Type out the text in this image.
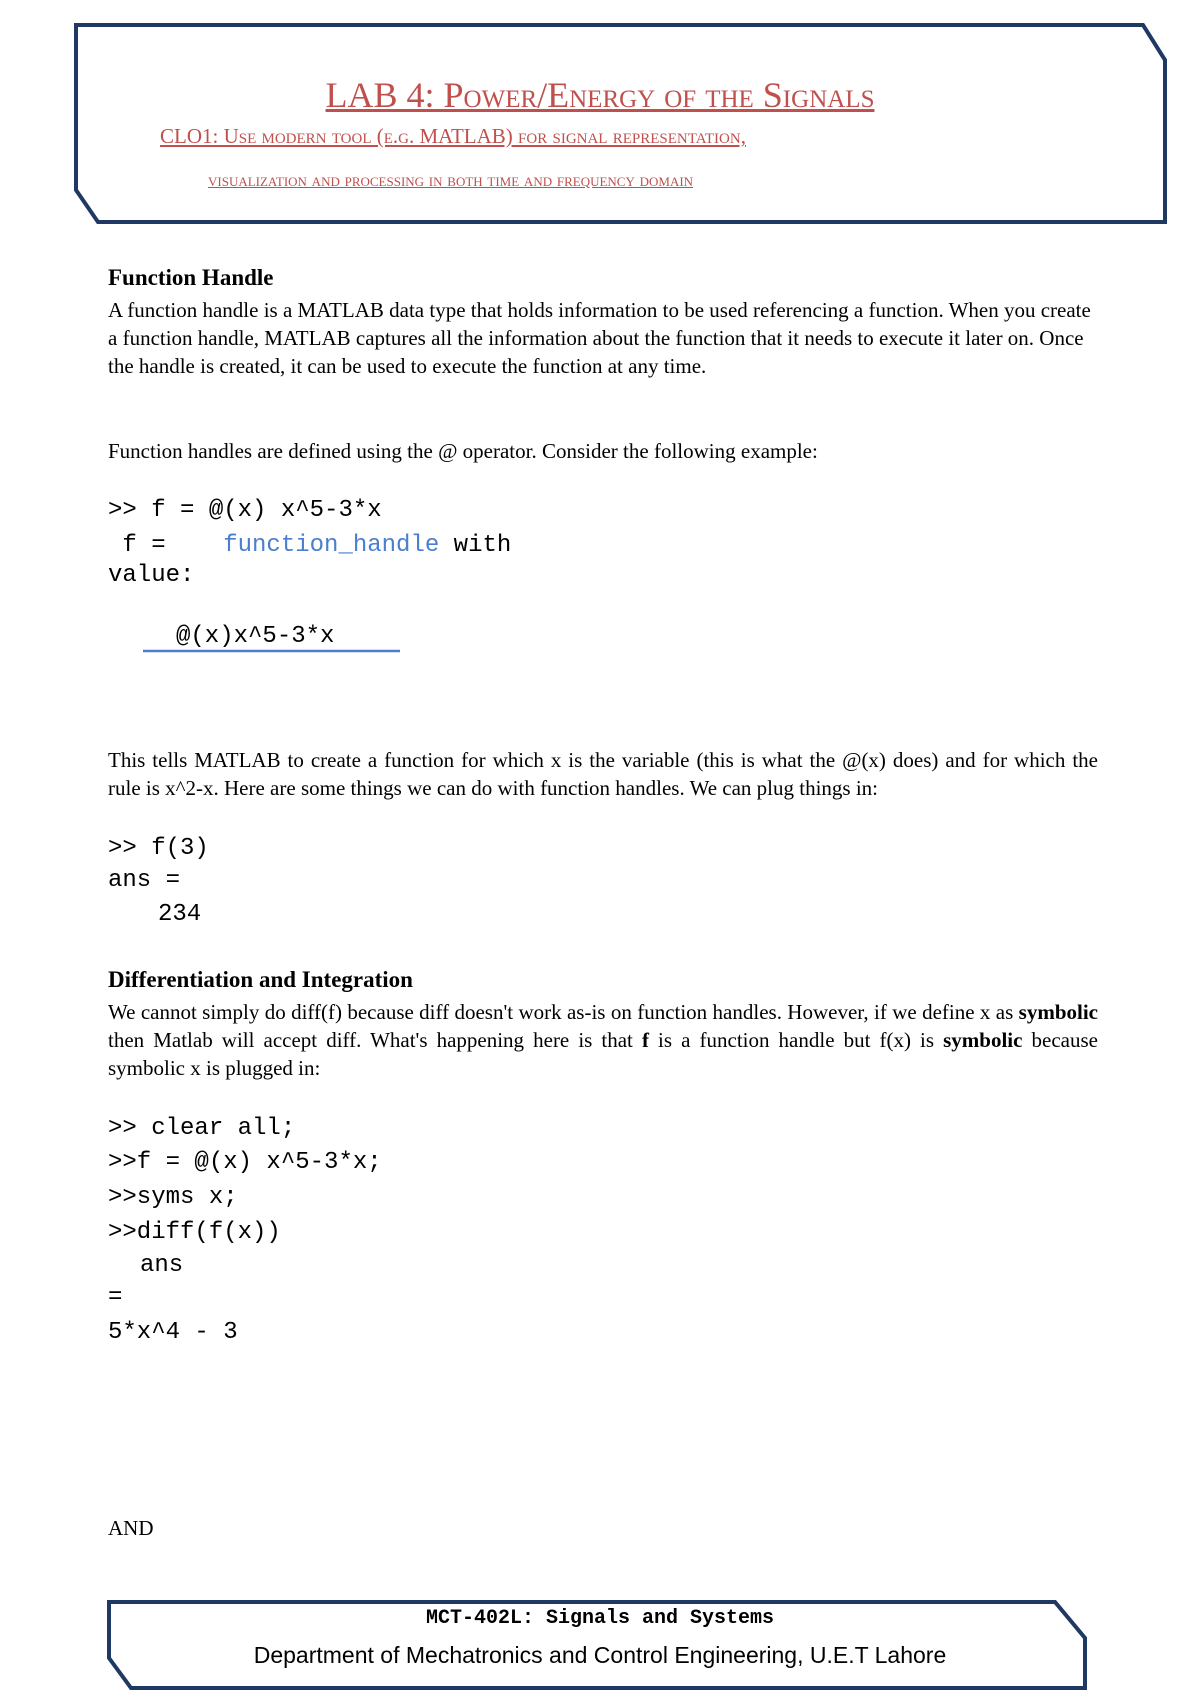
LAB 4: Power/Energy of the Signals
CLO1: Use modern tool (e.g. MATLAB) for signal representation,
visualization and processing in both time and frequency domain
Function Handle
A function handle is a MATLAB data type that holds information to be used referencing a function. When you create a function handle, MATLAB captures all the information about the function that it needs to execute it later on. Once the handle is created, it can be used to execute the function at any time.
Function handles are defined using the @ operator. Consider the following example:
>> f = @(x) x^5-3*x
f =    function_handle with
value:
@(x)x^5-3*x
This tells MATLAB to create a function for which x is the variable (this is what the @(x) does) and for which the rule is x^2-x. Here are some things we can do with function handles. We can plug things in:
>> f(3)
ans =
234
Differentiation and Integration
We cannot simply do diff(f) because diff doesn't work as-is on function handles. However, if we define x as symbolic then Matlab will accept diff. What's happening here is that f is a function handle but f(x) is symbolic because symbolic x is plugged in:
>> clear all;
>>f = @(x) x^5-3*x;
>>syms x;
>>diff(f(x))
ans
=
5*x^4 - 3
AND
MCT-402L: Signals and Systems
Department of Mechatronics and Control Engineering, U.E.T Lahore
